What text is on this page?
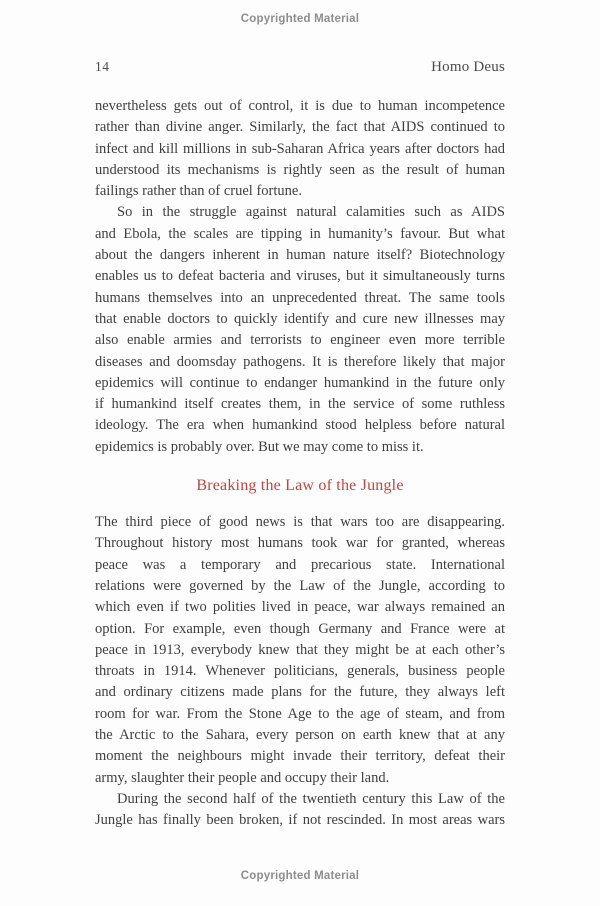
Copyrighted Material
14	Homo Deus
nevertheless gets out of control, it is due to human incompetence
rather than divine anger. Similarly, the fact that AIDS continued to
infect and kill millions in sub-Saharan Africa years after doctors had
understood its mechanisms is rightly seen as the result of human
failings rather than of cruel fortune.
So in the struggle against natural calamities such as AIDS
and Ebola, the scales are tipping in humanity’s favour. But what
about the dangers inherent in human nature itself? Biotechnology
enables us to defeat bacteria and viruses, but it simultaneously turns
humans themselves into an unprecedented threat. The same tools
that enable doctors to quickly identify and cure new illnesses may
also enable armies and terrorists to engineer even more terrible
diseases and doomsday pathogens. It is therefore likely that major
epidemics will continue to endanger humankind in the future only
if humankind itself creates them, in the service of some ruthless
ideology. The era when humankind stood helpless before natural
epidemics is probably over. But we may come to miss it.
Breaking the Law of the Jungle
The third piece of good news is that wars too are disappearing.
Throughout history most humans took war for granted, whereas
peace was a temporary and precarious state. International
relations were governed by the Law of the Jungle, according to
which even if two polities lived in peace, war always remained an
option. For example, even though Germany and France were at
peace in 1913, everybody knew that they might be at each other’s
throats in 1914. Whenever politicians, generals, business people
and ordinary citizens made plans for the future, they always left
room for war. From the Stone Age to the age of steam, and from
the Arctic to the Sahara, every person on earth knew that at any
moment the neighbours might invade their territory, defeat their
army, slaughter their people and occupy their land.
During the second half of the twentieth century this Law of the
Jungle has finally been broken, if not rescinded. In most areas wars
Copyrighted Material
